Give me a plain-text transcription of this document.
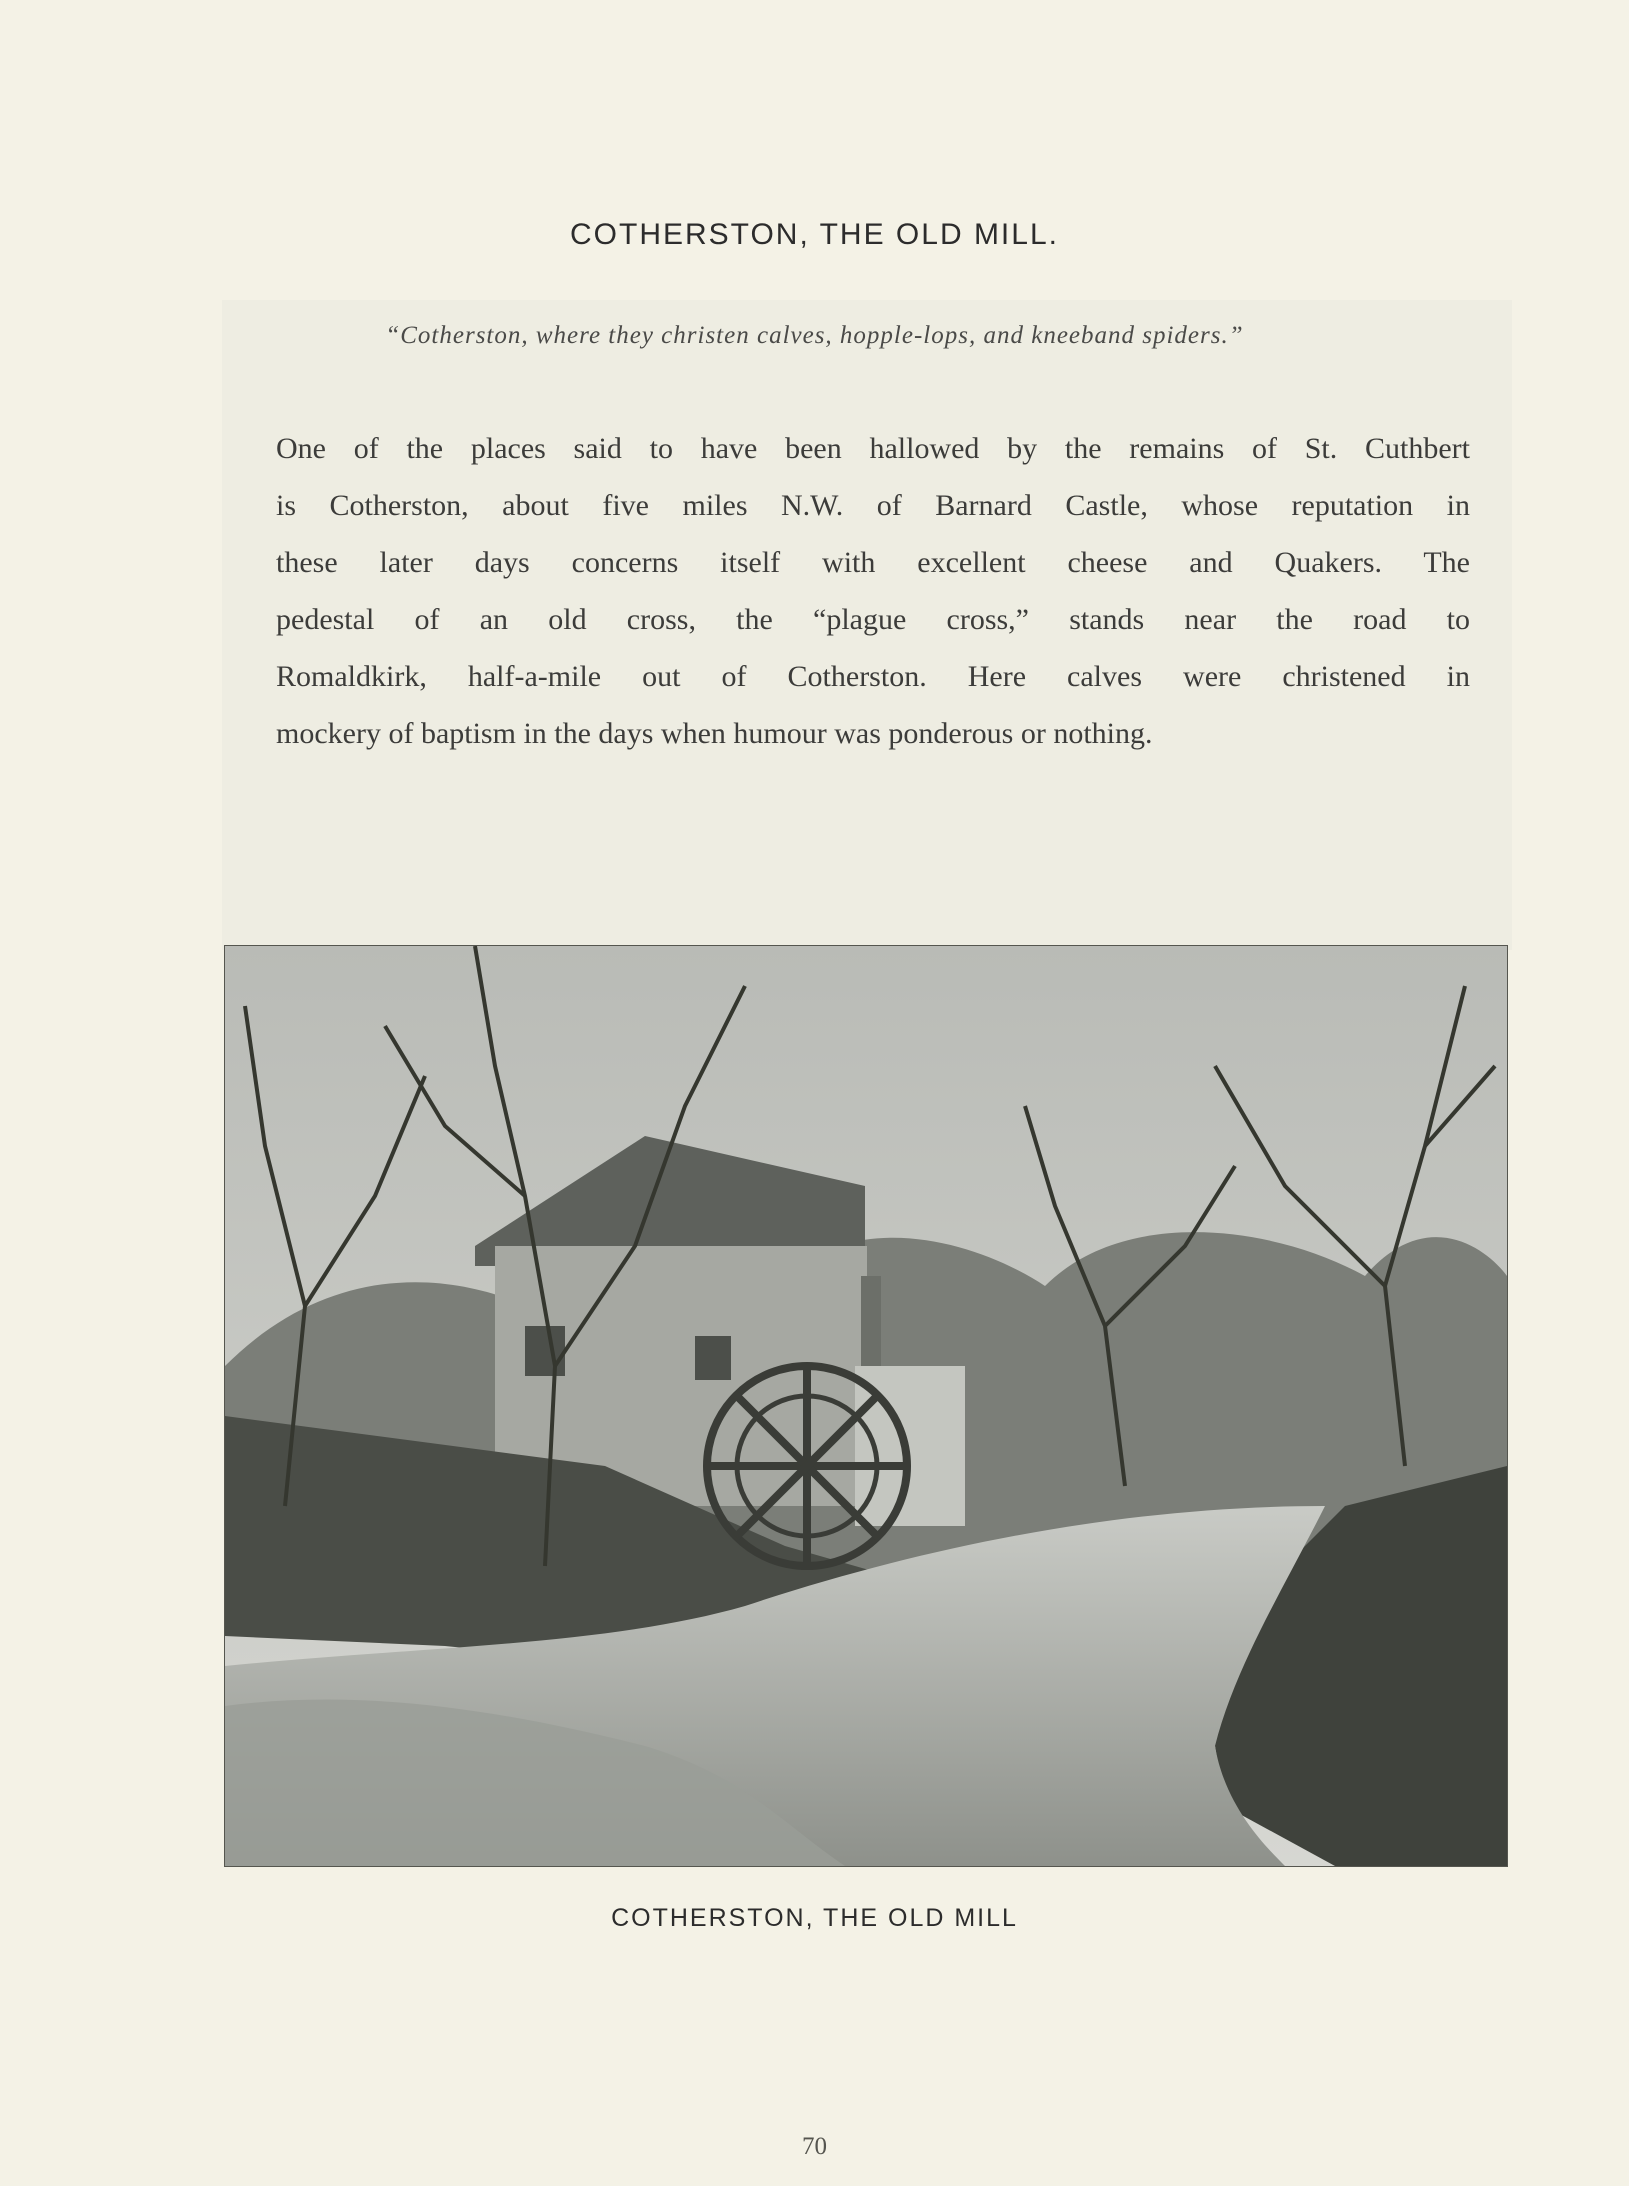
COTHERSTON, THE OLD MILL.
“Cotherston, where they christen calves, hopple-lops, and kneeband spiders.”
One of the places said to have been hallowed by the remains of St. Cuthbert
is Cotherston, about five miles N.W. of Barnard Castle, whose reputation in
these later days concerns itself with excellent cheese and Quakers. The
pedestal of an old cross, the “plague cross,” stands near the road to
Romaldkirk, half-a-mile out of Cotherston. Here calves were christened in
mockery of baptism in the days when humour was ponderous or nothing.
COTHERSTON, THE OLD MILL
70
